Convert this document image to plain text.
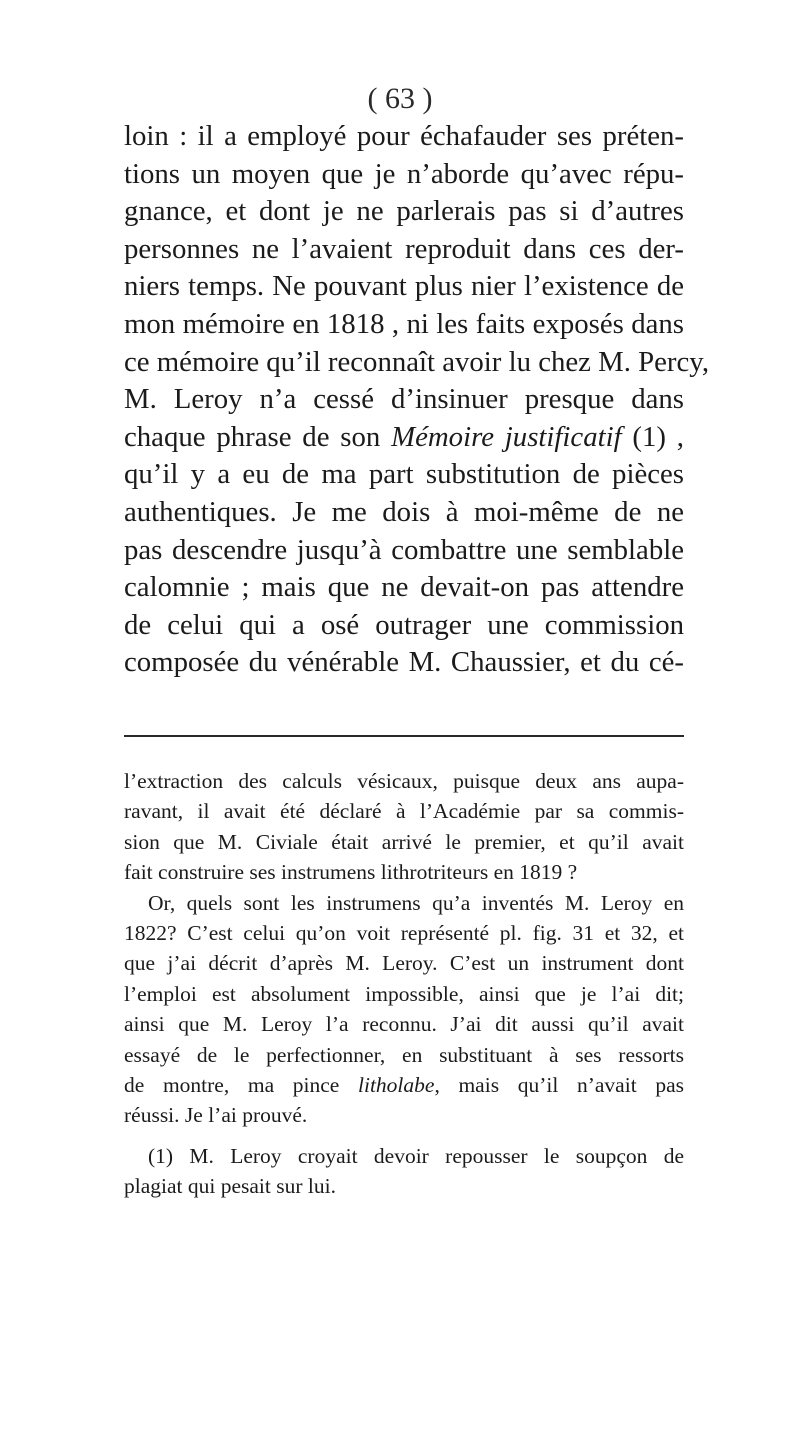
( 63 )
loin : il a employé pour échafauder ses préten-
tions un moyen que je n’aborde qu’avec répu-
gnance, et dont je ne parlerais pas si d’autres
personnes ne l’avaient reproduit dans ces der-
niers temps. Ne pouvant plus nier l’existence de
mon mémoire en 1818 , ni les faits exposés dans
ce mémoire qu’il reconnaît avoir lu chez M. Percy,
M. Leroy n’a cessé d’insinuer presque dans
chaque phrase de son Mémoire justificatif (1) ,
qu’il y a eu de ma part substitution de pièces
authentiques. Je me dois à moi-même de ne
pas descendre jusqu’à combattre une semblable
calomnie ; mais que ne devait-on pas attendre
de celui qui a osé outrager une commission
composée du vénérable M. Chaussier, et du cé-
l’extraction des calculs vésicaux, puisque deux ans aupa-
ravant, il avait été déclaré à l’Académie par sa commis-
sion que M. Civiale était arrivé le premier, et qu’il avait
fait construire ses instrumens lithrotriteurs en 1819 ?
Or, quels sont les instrumens qu’a inventés M. Leroy en
1822? C’est celui qu’on voit représenté pl. fig. 31 et 32, et
que j’ai décrit d’après M. Leroy. C’est un instrument dont
l’emploi est absolument impossible, ainsi que je l’ai dit;
ainsi que M. Leroy l’a reconnu. J’ai dit aussi qu’il avait
essayé de le perfectionner, en substituant à ses ressorts
de montre, ma pince litholabe, mais qu’il n’avait pas
réussi. Je l’ai prouvé.
(1) M. Leroy croyait devoir repousser le soupçon de
plagiat qui pesait sur lui.
